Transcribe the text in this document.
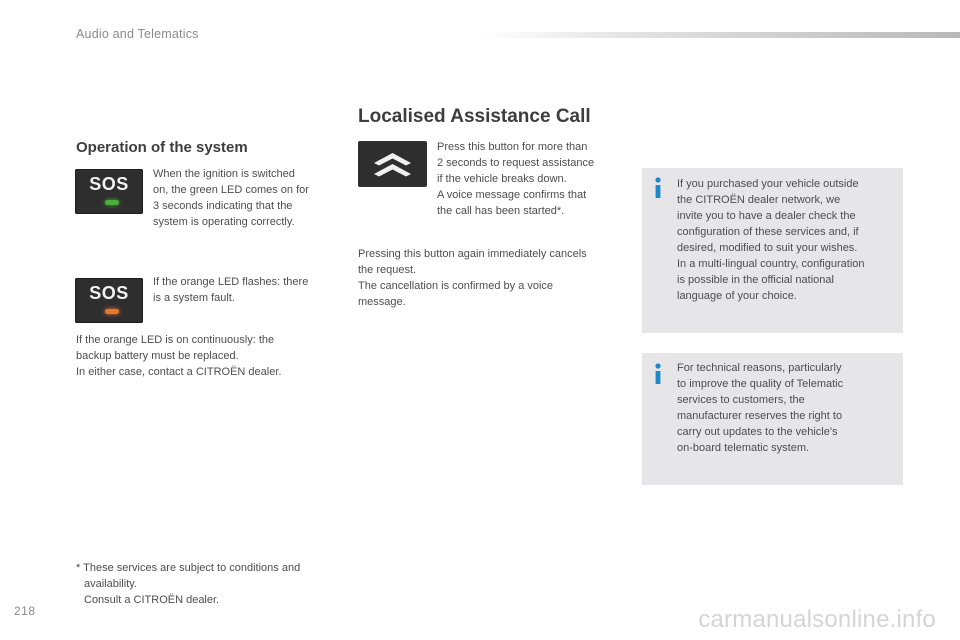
Audio and Telematics
Operation of the system
SOS	When the ignition is switched

on, the green LED comes on for

3 seconds indicating that the

system is operating correctly.

SOS

If the orange LED flashes: there

is a system fault.

If the orange LED is on continuously: the

backup battery must be replaced.

In either case, contact a CITROËN dealer.

Localised Assistance Call

Press this button for more than

2 seconds to request assistance

if the vehicle breaks down.

A voice message confirms that

the call has been started*.

Pressing this button again immediately cancels

the request.

The cancellation is confirmed by a voice

message.

If you purchased your vehicle outside

the CITROËN dealer network, we

invite you to have a dealer check the

configuration of these services and, if

desired, modified to suit your wishes.

In a multi-lingual country, configuration

is possible in the official national

language of your choice.

For technical reasons, particularly

to improve the quality of Telematic

services to customers, the

manufacturer reserves the right to

carry out updates to the vehicle's

on-board telematic system.

* These services are subject to conditions and

availability.

Consult a CITROËN dealer.

218	carmanualsonline.info
